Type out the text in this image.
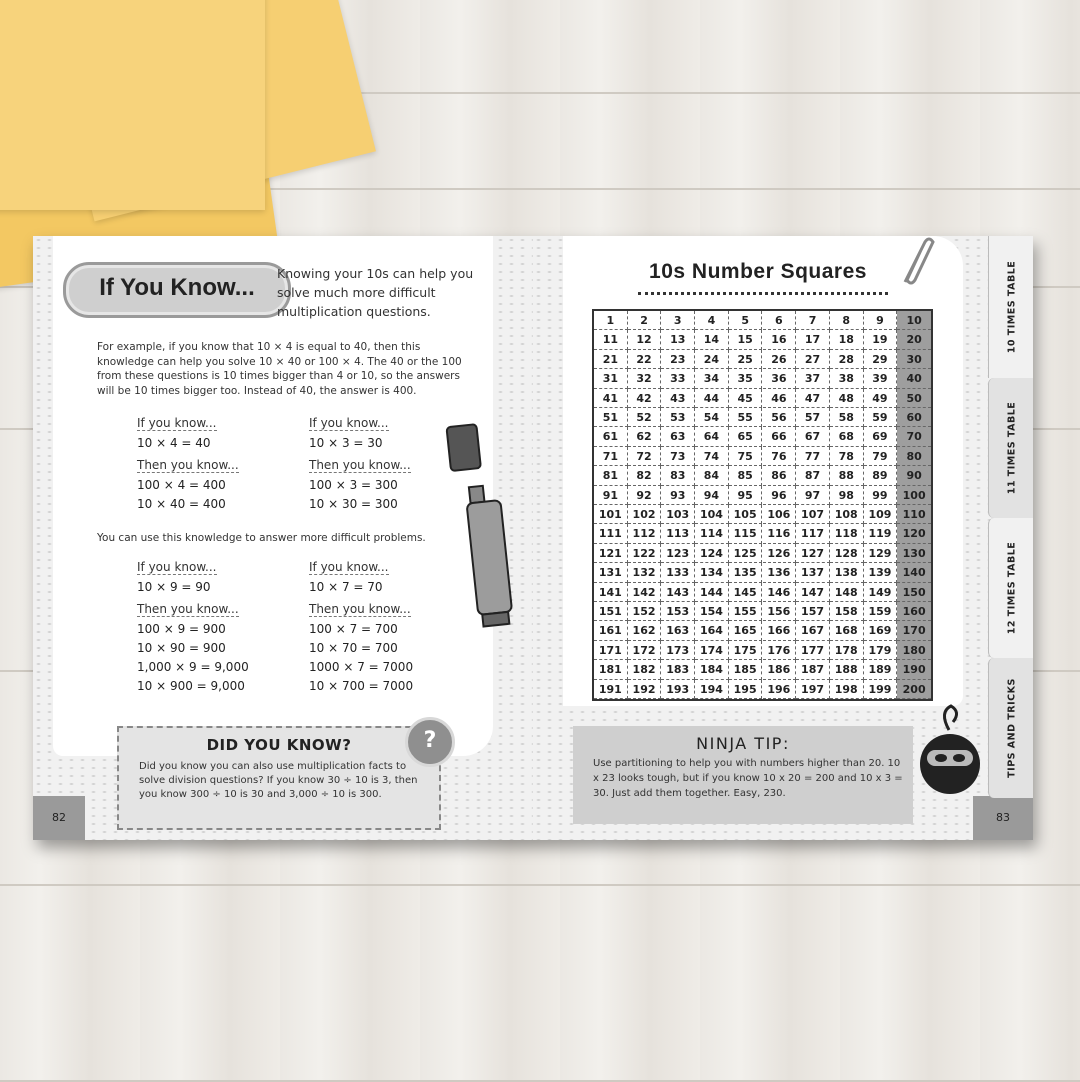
If You Know...
Knowing your 10s can help you solve much more difficult multiplication questions.
For example, if you know that 10 × 4 is equal to 40, then this knowledge can help you solve 10 × 40 or 100 × 4. The 40 or the 100 from these questions is 10 times bigger than 4 or 10, so the answers will be 10 times bigger too. Instead of 40, the answer is 400.
If you know...
10 × 4 = 40
Then you know...
100 × 4 = 400
10 × 40 = 400
If you know...
10 × 3 = 30
Then you know...
100 × 3 = 300
10 × 30 = 300
You can use this knowledge to answer more difficult problems.
If you know...
10 × 9 = 90
Then you know...
100 × 9 = 900
10 × 90 = 900
1,000 × 9 = 9,000
10 × 900 = 9,000
If you know...
10 × 7 = 70
Then you know...
100 × 7 = 700
10 × 70 = 700
1000 × 7 = 7000
10 × 700 = 7000
DID YOU KNOW?
Did you know you can also use multiplication facts to solve division questions? If you know 30 ÷ 10 is 3, then you know 300 ÷ 10 is 30 and 3,000 ÷ 10 is 300.
?
82
10s Number Squares
1	2	3	4	5	6	7	8	9	10
11	12	13	14	15	16	17	18	19	20
21	22	23	24	25	26	27	28	29	30
31	32	33	34	35	36	37	38	39	40
41	42	43	44	45	46	47	48	49	50
51	52	53	54	55	56	57	58	59	60
61	62	63	64	65	66	67	68	69	70
71	72	73	74	75	76	77	78	79	80
81	82	83	84	85	86	87	88	89	90
91	92	93	94	95	96	97	98	99	100
101 102 103 104 105 106 107 108 109	110
111 112 113 114 115 116 117 118 119	120
121 122 123 124 125 126 127 128 129	130
131 132 133 134 135 136 137 138 139	140
141 142 143 144 145 146 147 148 149	150
151 152 153 154 155 156 157 158 159	160
161 162 163 164 165 166 167 168 169	170
171 172 173 174 175 176 177 178 179	180
181 182 183 184 185 186 187 188 189	190
191 192 193 194 195 196 197 198 199	200
NINJA TIP:
Use partitioning to help you with numbers higher than 20. 10 x 23 looks tough, but if you know 10 x 20 = 200 and 10 x 3 = 30. Just add them together. Easy, 230.
83
10 TIMES TABLE
11 TIMES TABLE
12 TIMES TABLE
TIPS AND TRICKS
